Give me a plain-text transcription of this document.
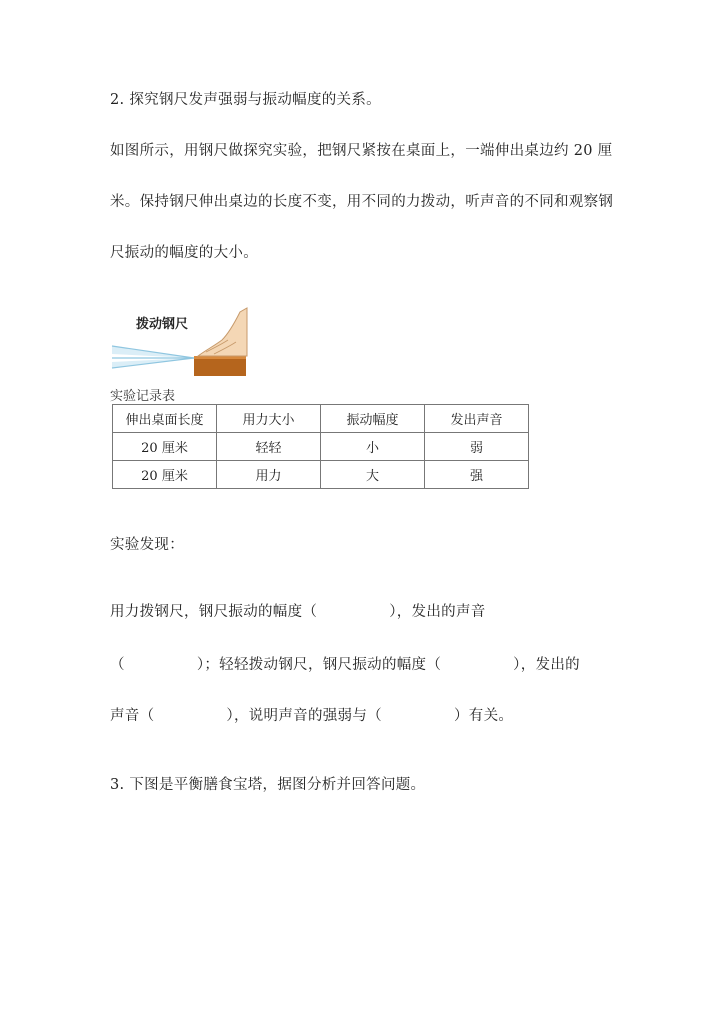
2. 探究钢尺发声强弱与振动幅度的关系。
如图所示，用钢尺做探究实验，把钢尺紧按在桌面上，一端伸出桌边约 20 厘
米。保持钢尺伸出桌边的长度不变，用不同的力拨动，听声音的不同和观察钢
尺振动的幅度的大小。
拨动钢尺
实验记录表
伸出桌面长度	用力大小	振动幅度	发出声音
20 厘米	轻轻	小	弱
20 厘米	用力	大	强
实验发现：
用力拨钢尺，钢尺振动的幅度（	），发出的声音
（	）；轻轻拨动钢尺，钢尺振动的幅度（	），发出的
声音（	），说明声音的强弱与（	）有关。
3. 下图是平衡膳食宝塔，据图分析并回答问题。
